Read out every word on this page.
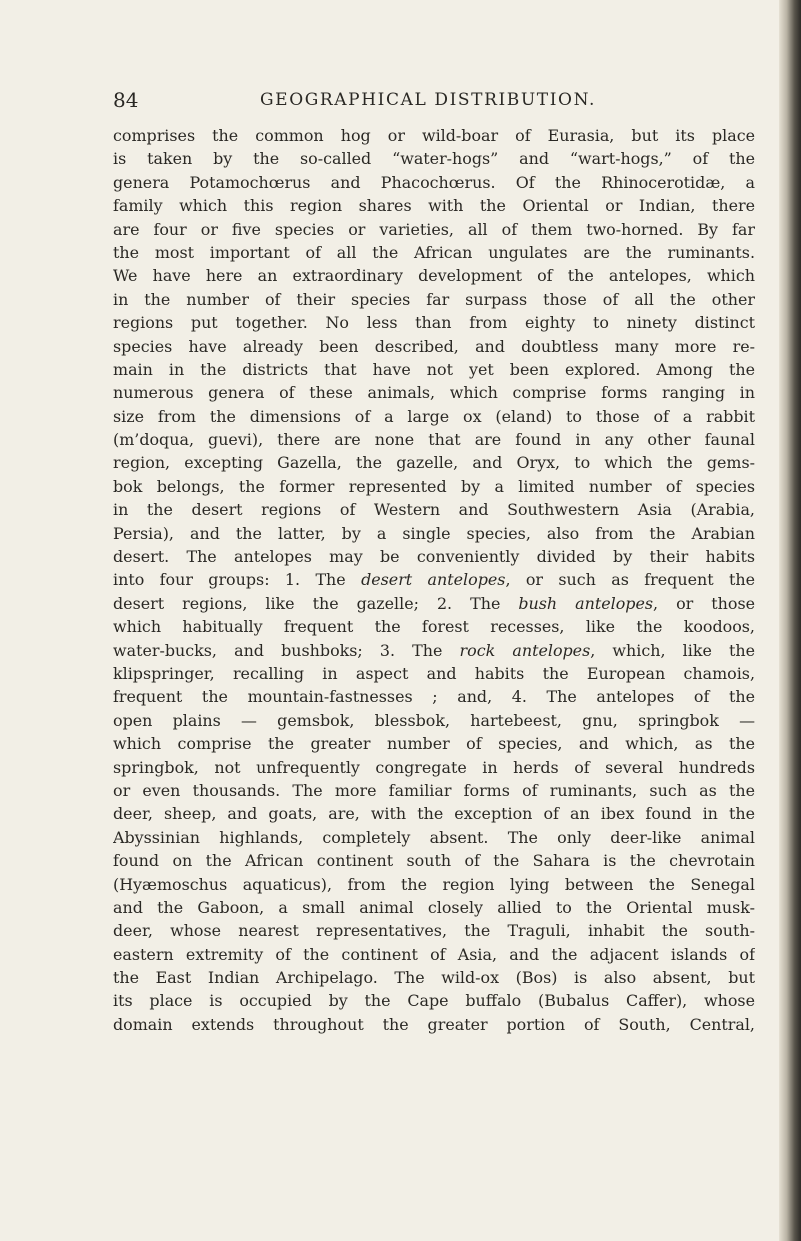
84	GEOGRAPHICAL DISTRIBUTION.
comprises the common hog or wild-boar of Eurasia, but its place
is taken by the so-called “water-hogs” and “wart-hogs,” of the
genera Potamochœrus and Phacochœrus. Of the Rhinocerotidæ, a
family which this region shares with the Oriental or Indian, there
are four or five species or varieties, all of them two-horned. By far
the most important of all the African ungulates are the ruminants.
We have here an extraordinary development of the antelopes, which
in the number of their species far surpass those of all the other
regions put together. No less than from eighty to ninety distinct
species have already been described, and doubtless many more re-
main in the districts that have not yet been explored. Among the
numerous genera of these animals, which comprise forms ranging in
size from the dimensions of a large ox (eland) to those of a rabbit
(m’doqua, guevi), there are none that are found in any other faunal
region, excepting Gazella, the gazelle, and Oryx, to which the gems-
bok belongs, the former represented by a limited number of species
in the desert regions of Western and Southwestern Asia (Arabia,
Persia), and the latter, by a single species, also from the Arabian
desert. The antelopes may be conveniently divided by their habits
into four groups: 1. The desert antelopes, or such as frequent the
desert regions, like the gazelle; 2. The bush antelopes, or those
which habitually frequent the forest recesses, like the koodoos,
water-bucks, and bushboks; 3. The rock antelopes, which, like the
klipspringer, recalling in aspect and habits the European chamois,
frequent the mountain-fastnesses ; and, 4. The antelopes of the
open plains — gemsbok, blessbok, hartebeest, gnu, springbok —
which comprise the greater number of species, and which, as the
springbok, not unfrequently congregate in herds of several hundreds
or even thousands. The more familiar forms of ruminants, such as the
deer, sheep, and goats, are, with the exception of an ibex found in the
Abyssinian highlands, completely absent. The only deer-like animal
found on the African continent south of the Sahara is the chevrotain
(Hyæmoschus aquaticus), from the region lying between the Senegal
and the Gaboon, a small animal closely allied to the Oriental musk-
deer, whose nearest representatives, the Traguli, inhabit the south-
eastern extremity of the continent of Asia, and the adjacent islands of
the East Indian Archipelago. The wild-ox (Bos) is also absent, but
its place is occupied by the Cape buffalo (Bubalus Caffer), whose
domain extends throughout the greater portion of South, Central,
